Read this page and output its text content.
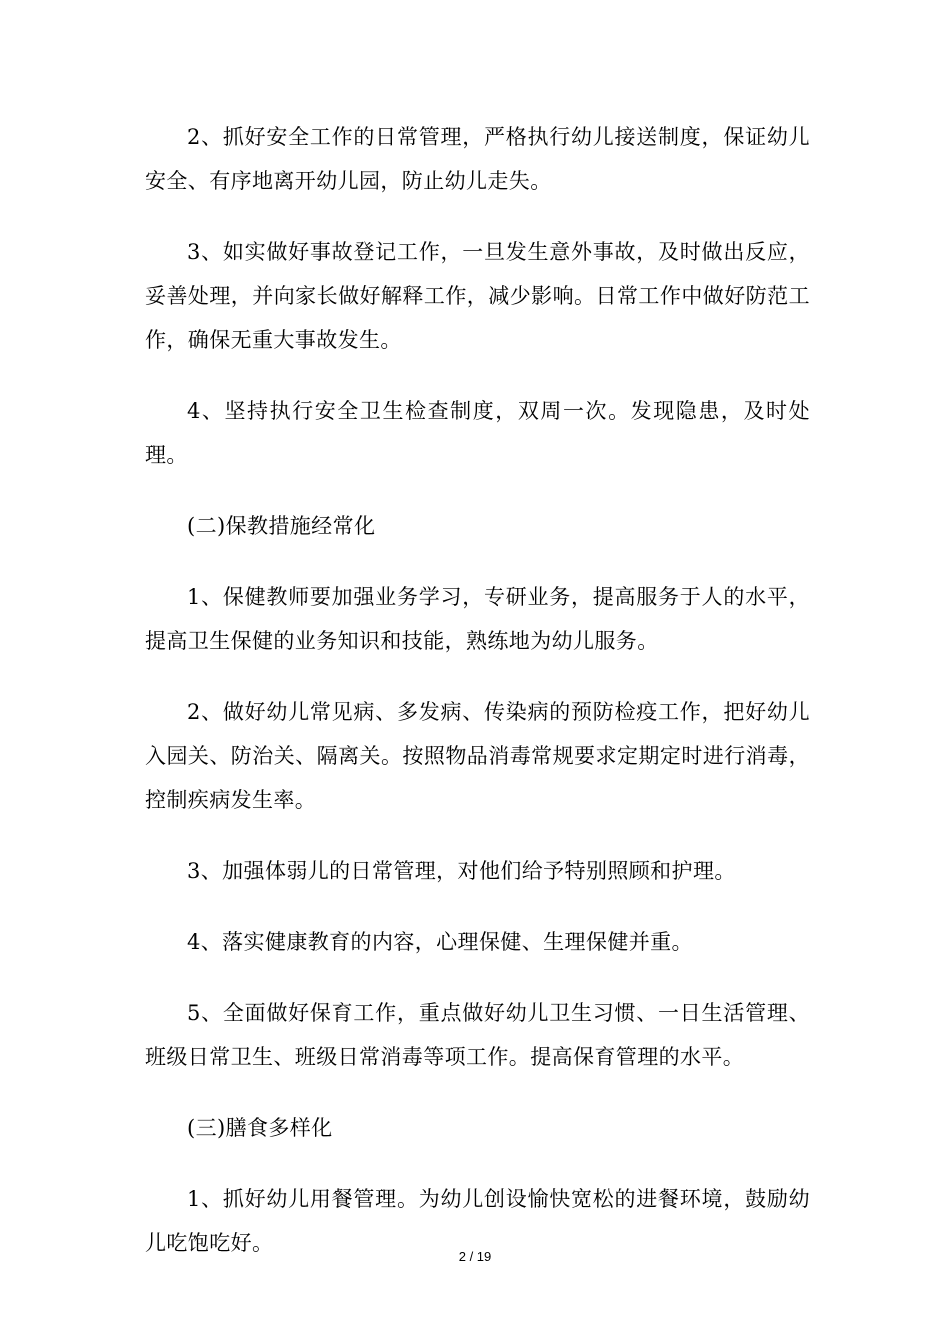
2、抓好安全工作的日常管理，严格执行幼儿接送制度，保证幼儿安全、有序地离开幼儿园，防止幼儿走失。

3、如实做好事故登记工作，一旦发生意外事故，及时做出反应，妥善处理，并向家长做好解释工作，减少影响。日常工作中做好防范工作，确保无重大事故发生。

4、坚持执行安全卫生检查制度，双周一次。发现隐患，及时处理。

(二)保教措施经常化

1、保健教师要加强业务学习，专研业务，提高服务于人的水平，提高卫生保健的业务知识和技能，熟练地为幼儿服务。

2、做好幼儿常见病、多发病、传染病的预防检疫工作，把好幼儿入园关、防治关、隔离关。按照物品消毒常规要求定期定时进行消毒，控制疾病发生率。

3、加强体弱儿的日常管理，对他们给予特别照顾和护理。

4、落实健康教育的内容，心理保健、生理保健并重。

5、全面做好保育工作，重点做好幼儿卫生习惯、一日生活管理、班级日常卫生、班级日常消毒等项工作。提高保育管理的水平。

(三)膳食多样化

1、抓好幼儿用餐管理。为幼儿创设愉快宽松的进餐环境，鼓励幼儿吃饱吃好。

2 / 19
